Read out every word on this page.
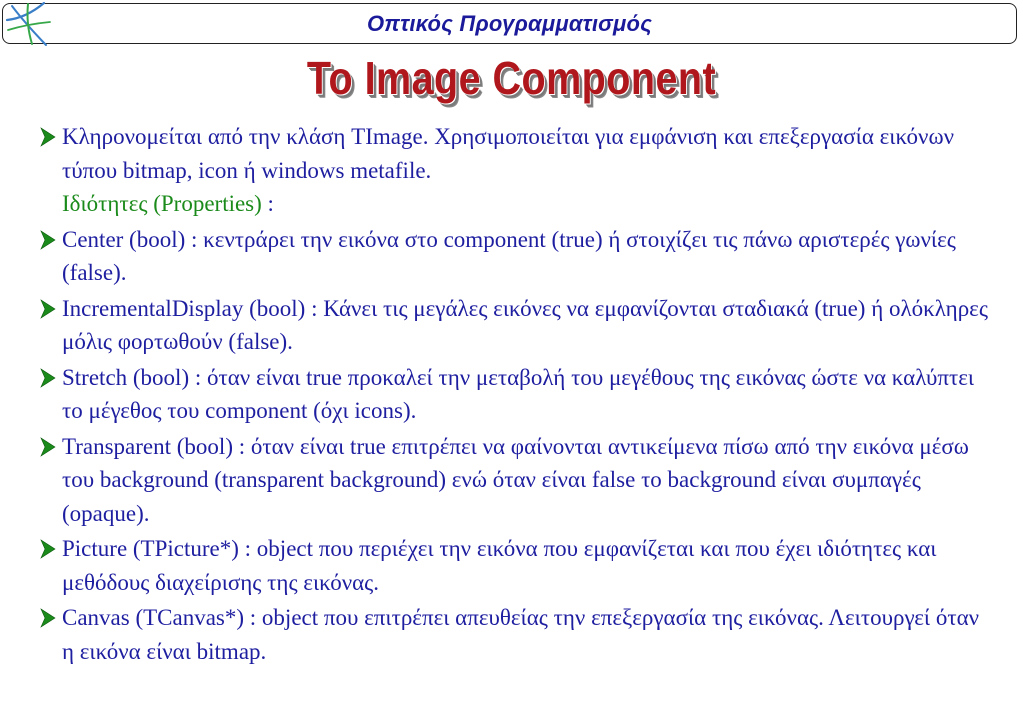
Οπτικός Προγραμματισμός
To Image Component
Κληρονομείται από την κλάση TImage. Χρησιμοποιείται για εμφάνιση και επεξεργασία εικόνων τύπου bitmap, icon ή windows metafile.
Ιδιότητες (Properties) :
Center (bool) : κεντράρει την εικόνα στο component (true) ή στοιχίζει τις πάνω αριστερές γωνίες (false).
IncrementalDisplay (bool) : Κάνει τις μεγάλες εικόνες να εμφανίζονται σταδιακά (true) ή ολόκληρες μόλις φορτωθούν (false).
Stretch (bool) : όταν είναι true προκαλεί την μεταβολή του μεγέθους της εικόνας ώστε να καλύπτει το μέγεθος του component (όχι icons).
Transparent (bool) : όταν είναι true επιτρέπει να φαίνονται αντικείμενα πίσω από την εικόνα μέσω του background (transparent background) ενώ όταν είναι false το background είναι συμπαγές (opaque).
Picture (TPicture*) : object που περιέχει την εικόνα που εμφανίζεται και που έχει ιδιότητες και μεθόδους διαχείρισης της εικόνας.
Canvas (TCanvas*) : object που επιτρέπει απευθείας την επεξεργασία της εικόνας. Λειτουργεί όταν η εικόνα είναι bitmap.
